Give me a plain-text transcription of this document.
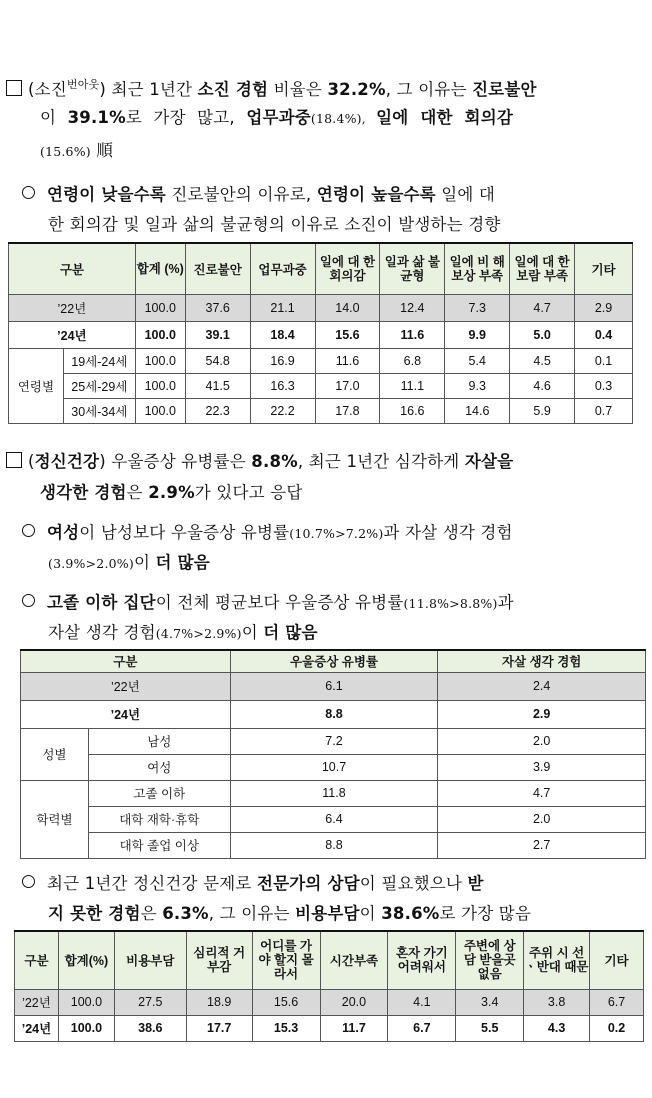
(소진$^{번아웃}$) 최근 1년간 소진 경험 비율은 32.2%, 그 이유는 진로불안
이 39.1%로 가장 많고, 업무과중(18.4%), 일에 대한 회의감
(15.6%) 順
연령이 낮을수록 진로불안의 이유로, 연령이 높을수록 일에 대
한 회의감 및 일과 삶의 불균형의 이유로 소진이 발생하는 경향
구분		합계 (%)	진로불안	업무과중	일에 대 한 회의감	일과 삶 불균형	일에 비 해 보상 부족	일에 대 한 보람 부족	기타
’22년		100.0	37.6	21.1	14.0	12.4	7.3	4.7	2.9
’24년		100.0	39.1	18.4	15.6	11.6	9.9	5.0	0.4
연령별	19세-24세	100.0	54.8	16.9	11.6	6.8	5.4	4.5	0.1
	25세-29세	100.0	41.5	16.3	17.0	11.1	9.3	4.6	0.3
	30세-34세	100.0	22.3	22.2	17.8	16.6	14.6	5.9	0.7
(정신건강) 우울증상 유병률은 8.8%, 최근 1년간 심각하게 자살을
생각한 경험은 2.9%가 있다고 응답
여성이 남성보다 우울증상 유병률(10.7%>7.2%)과 자살 생각 경험
(3.9%>2.0%)이 더 많음
고졸 이하 집단이 전체 평균보다 우울증상 유병률(11.8%>8.8%)과
자살 생각 경험(4.7%>2.9%)이 더 많음
구분		우울증상 유병률	자살 생각 경험
’22년		6.1	2.4
’24년		8.8	2.9
성별	남성	7.2	2.0
	여성	10.7	3.9
학력별	고졸 이하	11.8	4.7
	대학 재학·휴학	6.4	2.0
	대학 졸업 이상	8.8	2.7
최근 1년간 정신건강 문제로 전문가의 상담이 필요했으나 받
지 못한 경험은 6.3%, 그 이유는 비용부담이 38.6%로 가장 많음
구분	합계(%)	비용부담	심리적 거 부감	어디를 가 야 할지 몰 라서	시간부족	혼자 가기 어려워서	주변에 상 담 받을곳 없음	주위 시 선ㆍ반대 때문	기타
’22년	100.0	27.5	18.9	15.6	20.0	4.1	3.4	3.8	6.7
’24년	100.0	38.6	17.7	15.3	11.7	6.7	5.5	4.3	0.2
